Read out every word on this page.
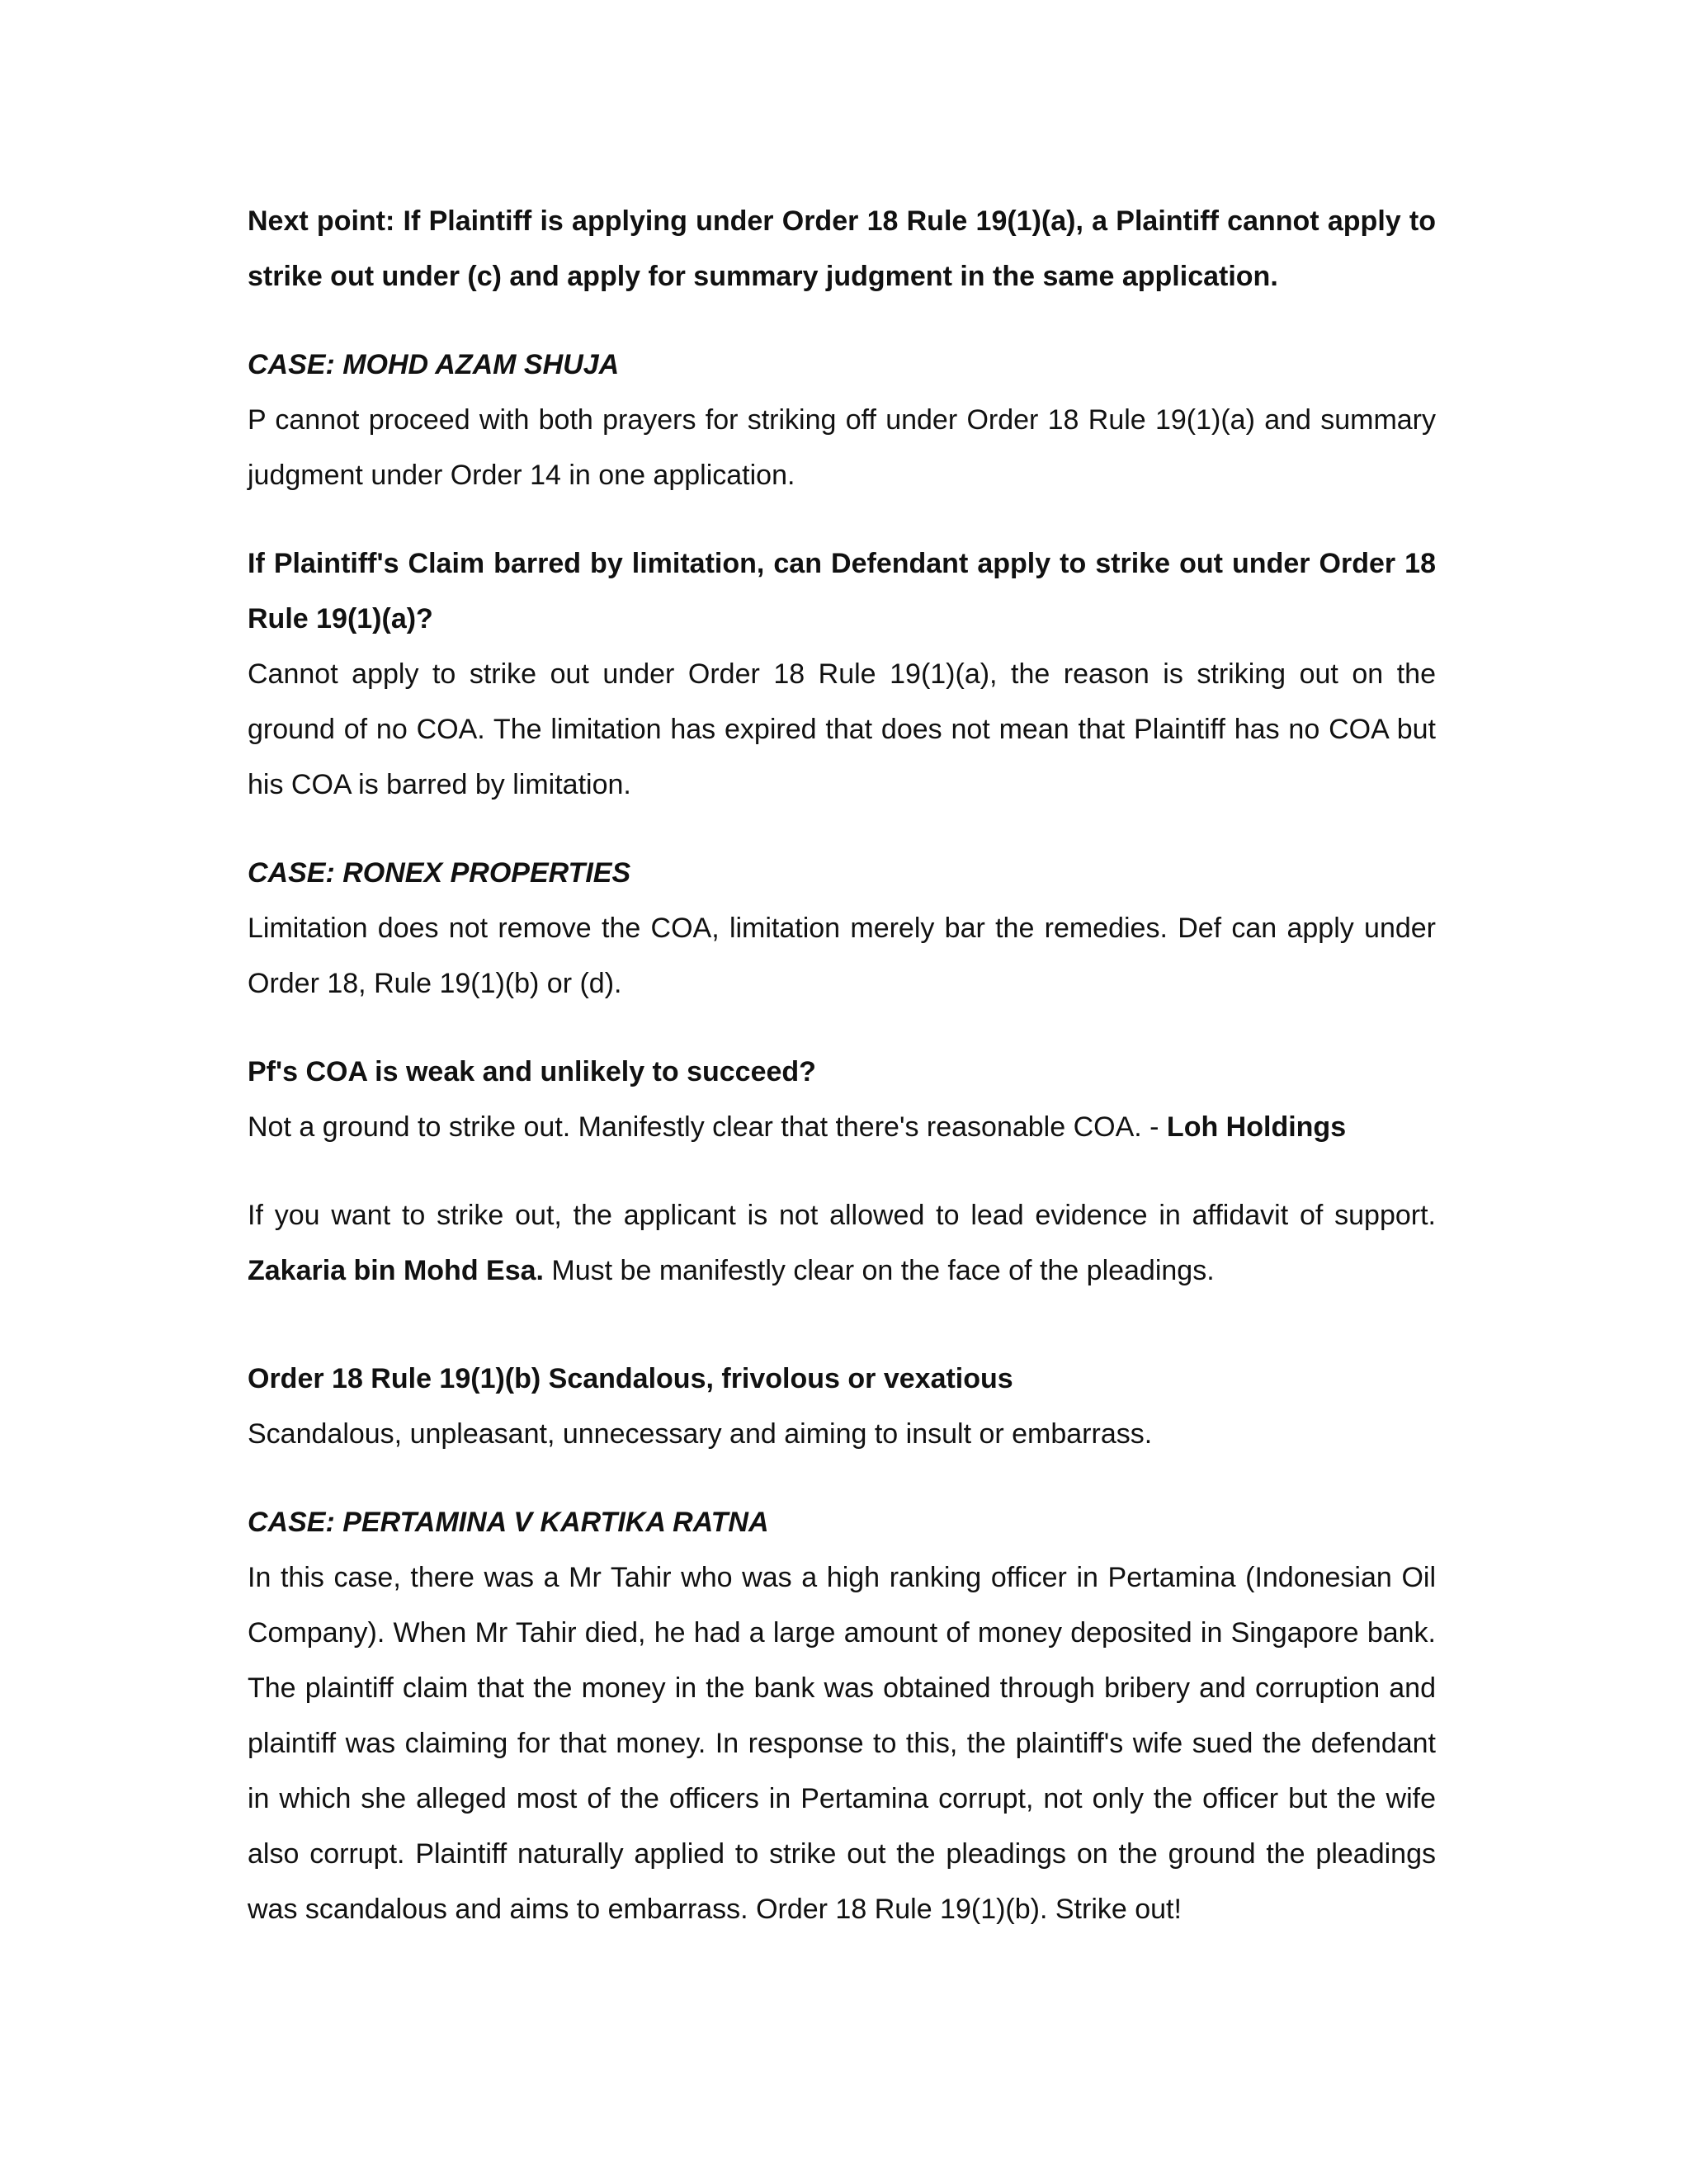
Next point: If Plaintiff is applying under Order 18 Rule 19(1)(a), a Plaintiff cannot apply to strike out under (c) and apply for summary judgment in the same application.

CASE: MOHD AZAM SHUJA

P cannot proceed with both prayers for striking off under Order 18 Rule 19(1)(a) and summary judgment under Order 14 in one application.

If Plaintiff's Claim barred by limitation, can Defendant apply to strike out under Order 18 Rule 19(1)(a)?

Cannot apply to strike out under Order 18 Rule 19(1)(a), the reason is striking out on the ground of no COA. The limitation has expired that does not mean that Plaintiff has no COA but his COA is barred by limitation.

CASE: RONEX PROPERTIES

Limitation does not remove the COA, limitation merely bar the remedies. Def can apply under Order 18, Rule 19(1)(b) or (d).

Pf's COA is weak and unlikely to succeed?

Not a ground to strike out. Manifestly clear that there's reasonable COA. - Loh Holdings

If you want to strike out, the applicant is not allowed to lead evidence in affidavit of support. Zakaria bin Mohd Esa. Must be manifestly clear on the face of the pleadings.

Order 18 Rule 19(1)(b) Scandalous, frivolous or vexatious

Scandalous, unpleasant, unnecessary and aiming to insult or embarrass.

CASE: PERTAMINA V KARTIKA RATNA

In this case, there was a Mr Tahir who was a high ranking officer in Pertamina (Indonesian Oil Company). When Mr Tahir died, he had a large amount of money deposited in Singapore bank. The plaintiff claim that the money in the bank was obtained through bribery and corruption and plaintiff was claiming for that money. In response to this, the plaintiff's wife sued the defendant in which she alleged most of the officers in Pertamina corrupt, not only the officer but the wife also corrupt. Plaintiff naturally applied to strike out the pleadings on the ground the pleadings was scandalous and aims to embarrass. Order 18 Rule 19(1)(b). Strike out!
